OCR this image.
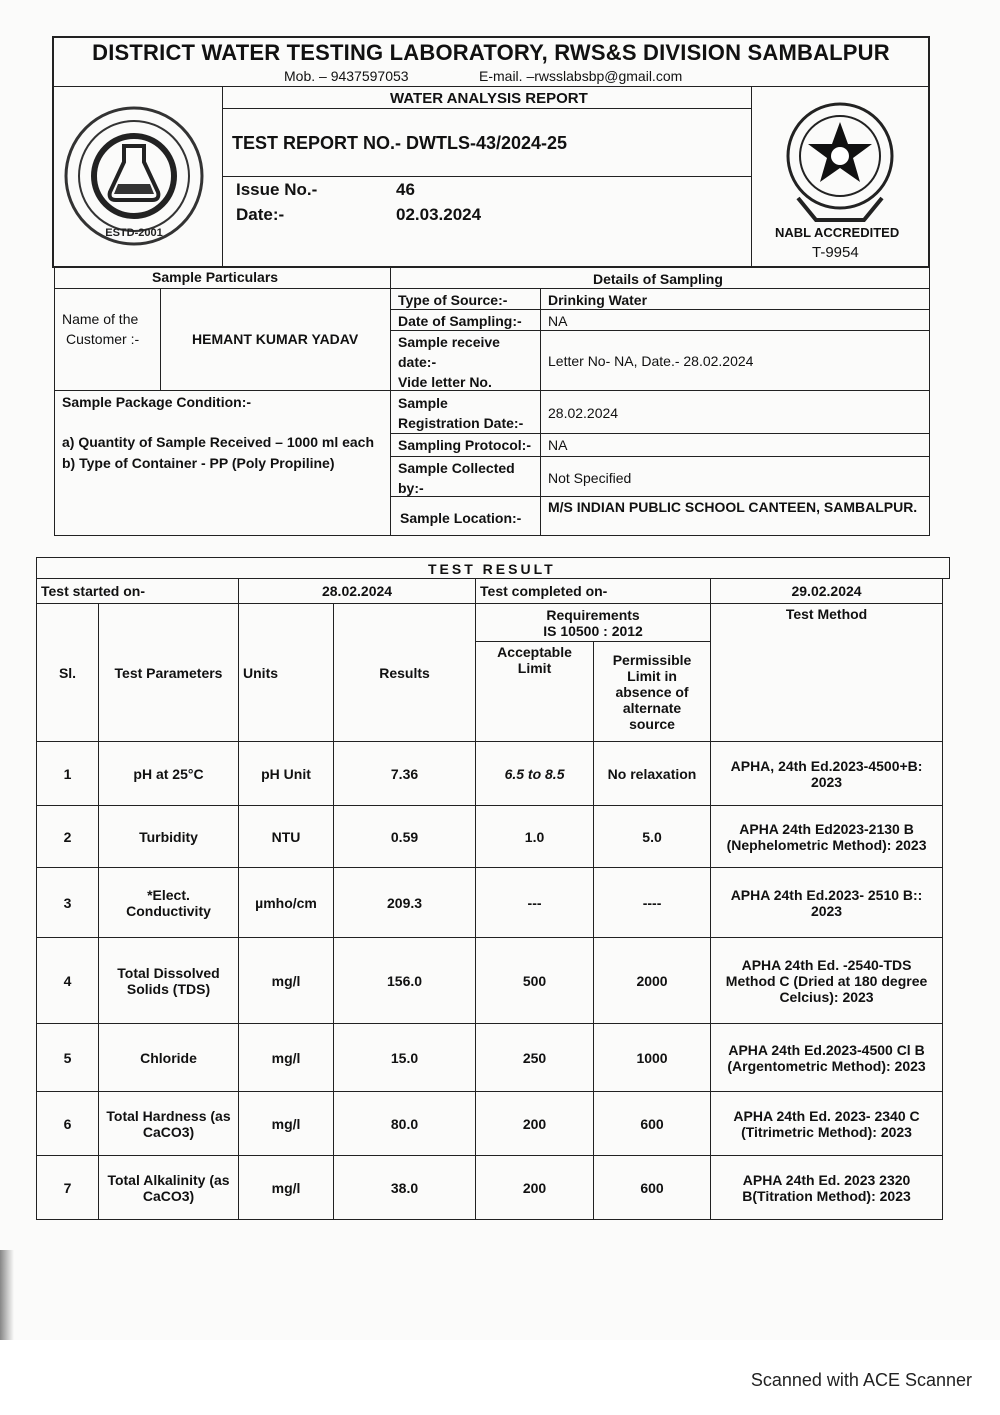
Scanned with ACE Scanner
DISTRICT WATER TESTING LABORATORY, RWS&S DIVISION SAMBALPUR
Mob. – 9437597053	E-mail. –rwsslabsbp@gmail.com
WATER ANALYSIS REPORT
TEST REPORT NO.- DWTLS-43/2024-25
Issue No.-	46
Date:-	02.03.2024
ESTD-2001	NABL ACCREDITED
T-9954
Sample Particulars	Details of Sampling
Name of the
Customer :-	HEMANT KUMAR YADAV
Sample Package Condition:-
a) Quantity of Sample Received – 1000 ml each
b) Type of Container - PP (Poly Propiline)
Type of Source:-	Drinking Water
Date of Sampling:- NA
Sample receive
date:-
Vide letter No.
Letter No- NA, Date.- 28.02.2024
Sample
Registration Date:-
28.02.2024
Sampling Protocol:- NA
Sample Collected
by:-
Not Specified
Sample Location:-
M/S INDIAN PUBLIC SCHOOL CANTEEN, SAMBALPUR.
TEST RESULT
Test started on-		28.02.2024		Test completed on-		29.02.2024
Sl.	Test Parameters	Units	Results	Requirements
IS 10500 : 2012		Test Method
				Acceptable Limit	Permissible Limit in absence of alternate source	
1	pH at 25°C	pH Unit	7.36	6.5 to 8.5	No relaxation	APHA, 24th Ed.2023-4500+B: 2023
2	Turbidity	NTU	0.59	1.0	5.0	APHA 24th Ed2023-2130 B (Nephelometric Method): 2023
3	*Elect. Conductivity	µmho/cm	209.3	---	----	APHA 24th Ed.2023- 2510 B:: 2023
4	Total Dissolved Solids (TDS)	mg/l	156.0	500	2000	APHA 24th Ed. -2540-TDS Method C (Dried at 180 degree Celcius): 2023
5	Chloride	mg/l	15.0	250	1000	APHA 24th Ed.2023-4500 Cl B (Argentometric Method): 2023
6	Total Hardness (as CaCO3)	mg/l	80.0	200	600	APHA 24th Ed. 2023- 2340 C (Titrimetric Method): 2023
7	Total Alkalinity (as CaCO3)	mg/l	38.0	200	600	APHA 24th Ed. 2023 2320 B(Titration Method): 2023
